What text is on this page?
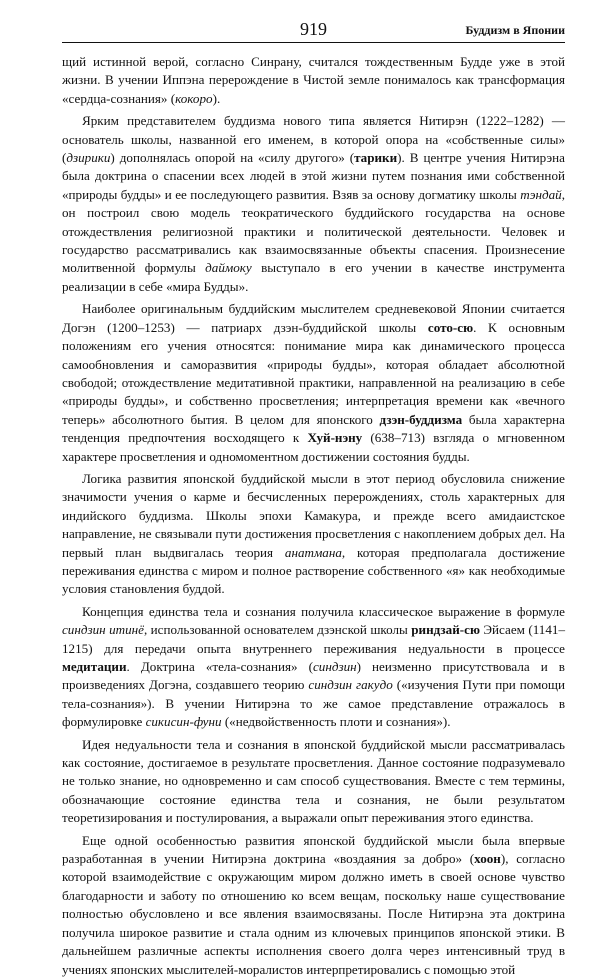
919	Буддизм в Японии

щий истинной верой, согласно Синрану, считался тождественным Будде уже в этой жизни. В учении Иппэна перерождение в Чистой земле понималось как трансформация «сердца-сознания» (кокоро).

Ярким представителем буддизма нового типа является Нитирэн (1222–1282) — основатель школы, названной его именем, в которой опора на «собственные силы» (дзирики) дополнялась опорой на «силу другого» (тарики). В центре учения Нитирэна была доктрина о спасении всех людей в этой жизни путем познания ими собственной «природы будды» и ее последующего развития. Взяв за основу догматику школы тэндай, он построил свою модель теократического буддийского государства на основе отождествления религиозной практики и политической деятельности. Человек и государство рассматривались как взаимосвязанные объекты спасения. Произнесение молитвенной формулы даймоку выступало в его учении в качестве инструмента реализации в себе «мира Будды».

Наиболее оригинальным буддийским мыслителем средневековой Японии считается Догэн (1200–1253) — патриарх дзэн-буддийской школы сото-сю. К основным положениям его учения относятся: понимание мира как динамического процесса самообновления и саморазвития «природы будды», которая обладает абсолютной свободой; отождествление медитативной практики, направленной на реализацию в себе «природы будды», и собственно просветления; интерпретация времени как «вечного теперь» абсолютного бытия. В целом для японского дзэн-буддизма была характерна тенденция предпочтения восходящего к Хуй-нэну (638–713) взгляда о мгновенном характере просветления и одномоментном достижении состояния будды.

Логика развития японской буддийской мысли в этот период обусловила снижение значимости учения о карме и бесчисленных перерождениях, столь характерных для индийского буддизма. Школы эпохи Камакура, и прежде всего амидаистское направление, не связывали пути достижения просветления с накоплением добрых дел. На первый план выдвигалась теория анатмана, которая предполагала достижение переживания единства с миром и полное растворение собственного «я» как необходимые условия становления буддой.

Концепция единства тела и сознания получила классическое выражение в формуле синдзин итинё, использованной основателем дзэнской школы риндзай-сю Эйсаем (1141–1215) для передачи опыта внутреннего переживания недуальности в процессе медитации. Доктрина «тела-сознания» (синдзин) неизменно присутствовала и в произведениях Догэна, создавшего теорию синдзин гакудо («изучения Пути при помощи тела-сознания»). В учении Нитирэна то же самое представление отражалось в формулировке сикисин-фуни («недвойственность плоти и сознания»).

Идея недуальности тела и сознания в японской буддийской мысли рассматривалась как состояние, достигаемое в результате просветления. Данное состояние подразумевало не только знание, но одновременно и сам способ существования. Вместе с тем термины, обозначающие состояние единства тела и сознания, не были результатом теоретизирования и постулирования, а выражали опыт переживания этого единства.

Еще одной особенностью развития японской буддийской мысли была впервые разработанная в учении Нитирэна доктрина «воздаяния за добро» (хоон), согласно которой взаимодействие с окружающим миром должно иметь в своей основе чувство благодарности и заботу по отношению ко всем вещам, поскольку наше существование полностью обусловлено и все явления взаимосвязаны. После Нитирэна эта доктрина получила широкое развитие и стала одним из ключевых принципов японской этики. В дальнейшем различные аспекты исполнения своего долга через интенсивный труд в учениях японских мыслителей-моралистов интерпретировались с помощью этой
